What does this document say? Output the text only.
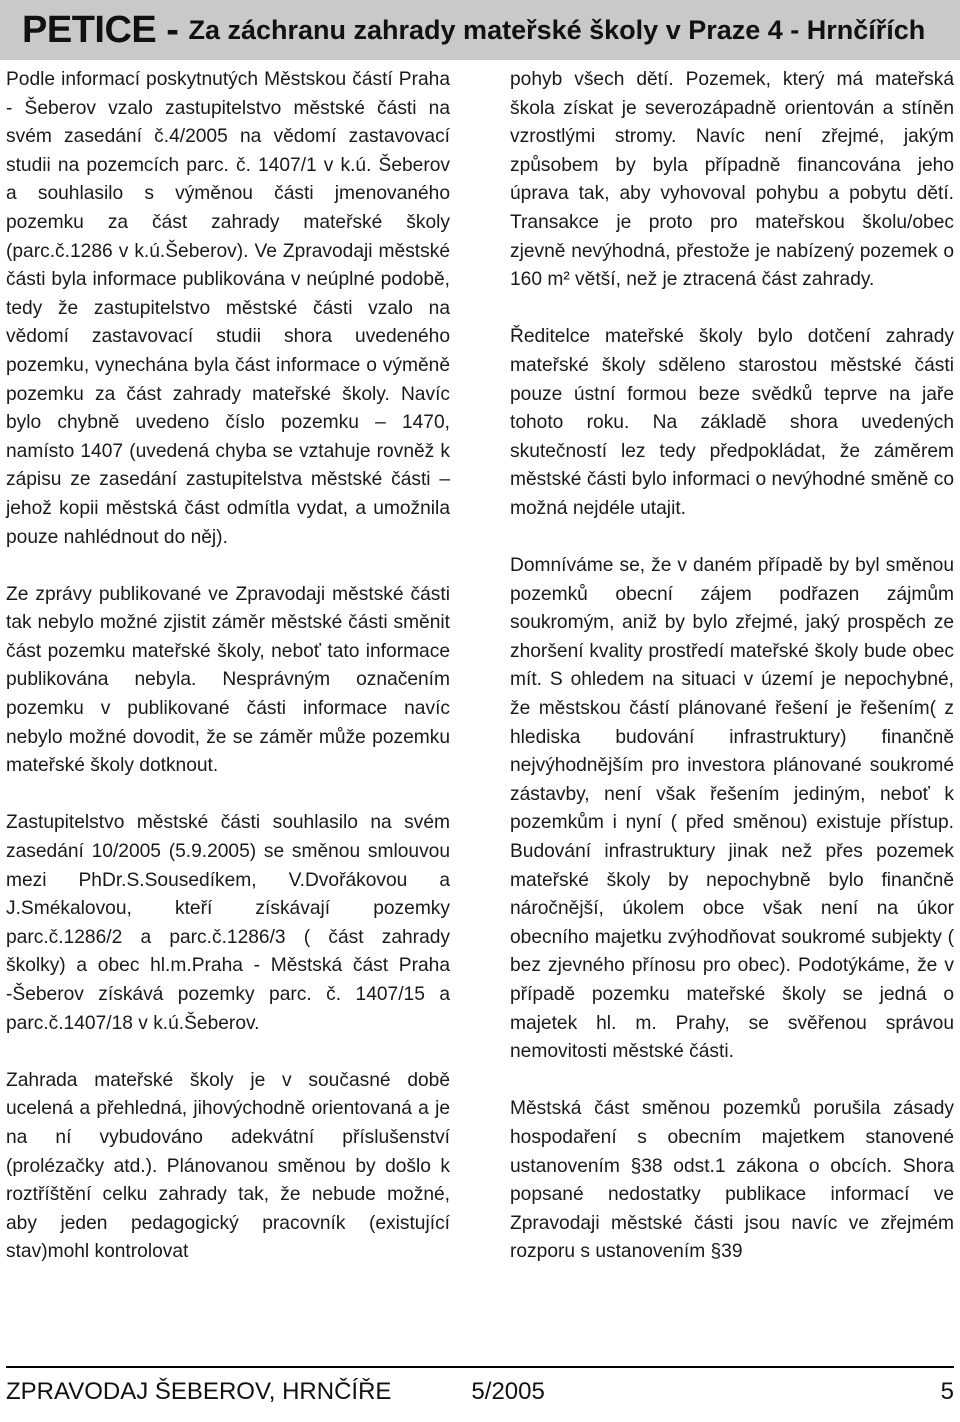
PETICE - Za záchranu zahrady mateřské školy v Praze 4 - Hrnčířích

Podle informací poskytnutých Městskou částí Praha - Šeberov vzalo zastupitelstvo městské části na svém zasedání č.4/2005 na vědomí zastavovací studii na pozemcích parc. č. 1407/1 v k.ú. Šeberov a souhlasilo s výměnou části jmenovaného pozemku za část zahrady mateřské školy (parc.č.1286 v k.ú.Šeberov). Ve Zpravodaji městské části byla informace publikována v neúplné podobě, tedy že zastupitelstvo městské části vzalo na vědomí zastavovací studii shora uvedeného pozemku, vynechána byla část informace o výměně pozemku za část zahrady mateřské školy. Navíc bylo chybně uvedeno číslo pozemku – 1470, namísto 1407 (uvedená chyba se vztahuje rovněž k zápisu ze zasedání zastupitelstva městské části – jehož kopii městská část odmítla vydat, a umožnila pouze nahlédnout do něj).

Ze zprávy publikované ve Zpravodaji městské části tak nebylo možné zjistit záměr městské části směnit část pozemku mateřské školy, neboť tato informace publikována nebyla. Nesprávným označením pozemku v publikované části informace navíc nebylo možné dovodit, že se záměr může pozemku mateřské školy dotknout.

Zastupitelstvo městské části souhlasilo na svém zasedání 10/2005 (5.9.2005) se směnou smlouvou mezi PhDr.S.Sousedíkem, V.Dvořákovou a J.Smékalovou, kteří získávají pozemky parc.č.1286/2 a parc.č.1286/3 ( část zahrady školky) a obec hl.m.Praha - Městská část Praha -Šeberov získává pozemky parc. č. 1407/15 a parc.č.1407/18 v k.ú.Šeberov.

Zahrada mateřské školy je v současné době ucelená a přehledná, jihovýchodně orientovaná a je na ní vybudováno adekvátní příslušenství (prolézačky atd.). Plánovanou směnou by došlo k roztříštění celku zahrady tak, že nebude možné, aby jeden pedagogický pracovník (existující stav)mohl kontrolovat

pohyb všech dětí. Pozemek, který má mateřská škola získat je severozápadně orientován a stíněn vzrostlými stromy. Navíc není zřejmé, jakým způsobem by byla případně financována jeho úprava tak, aby vyhovoval pohybu a pobytu dětí. Transakce je proto pro mateřskou školu/obec zjevně nevýhodná, přestože je nabízený pozemek o 160 m² větší, než je ztracená část zahrady.

Ředitelce mateřské školy bylo dotčení zahrady mateřské školy sděleno starostou městské části pouze ústní formou beze svědků teprve na jaře tohoto roku. Na základě shora uvedených skutečností lez tedy předpokládat, že záměrem městské části bylo informaci o nevýhodné směně co možná nejdéle utajit.

Domníváme se, že v daném případě by byl směnou pozemků obecní zájem podřazen zájmům soukromým, aniž by bylo zřejmé, jaký prospěch ze zhoršení kvality prostředí mateřské školy bude obec mít. S ohledem na situaci v území je nepochybné, že městskou částí plánované řešení je řešením( z hlediska budování infrastruktury) finančně nejvýhodnějším pro investora plánované soukromé zástavby, není však řešením jediným, neboť k pozemkům i nyní ( před směnou) existuje přístup. Budování infrastruktury jinak než přes pozemek mateřské školy by nepochybně bylo finančně náročnější, úkolem obce však není na úkor obecního majetku zvýhodňovat soukromé subjekty ( bez zjevného přínosu pro obec). Podotýkáme, že v případě pozemku mateřské školy se jedná o majetek hl. m. Prahy, se svěřenou správou nemovitosti městské části.

Městská část směnou pozemků porušila zásady hospodaření s obecním majetkem stanovené ustanovením §38 odst.1 zákona o obcích. Shora popsané nedostatky publikace informací ve Zpravodaji městské části jsou navíc ve zřejmém rozporu s ustanovením §39

ZPRAVODAJ ŠEBEROV, HRNČÍŘE	5/2005	5
